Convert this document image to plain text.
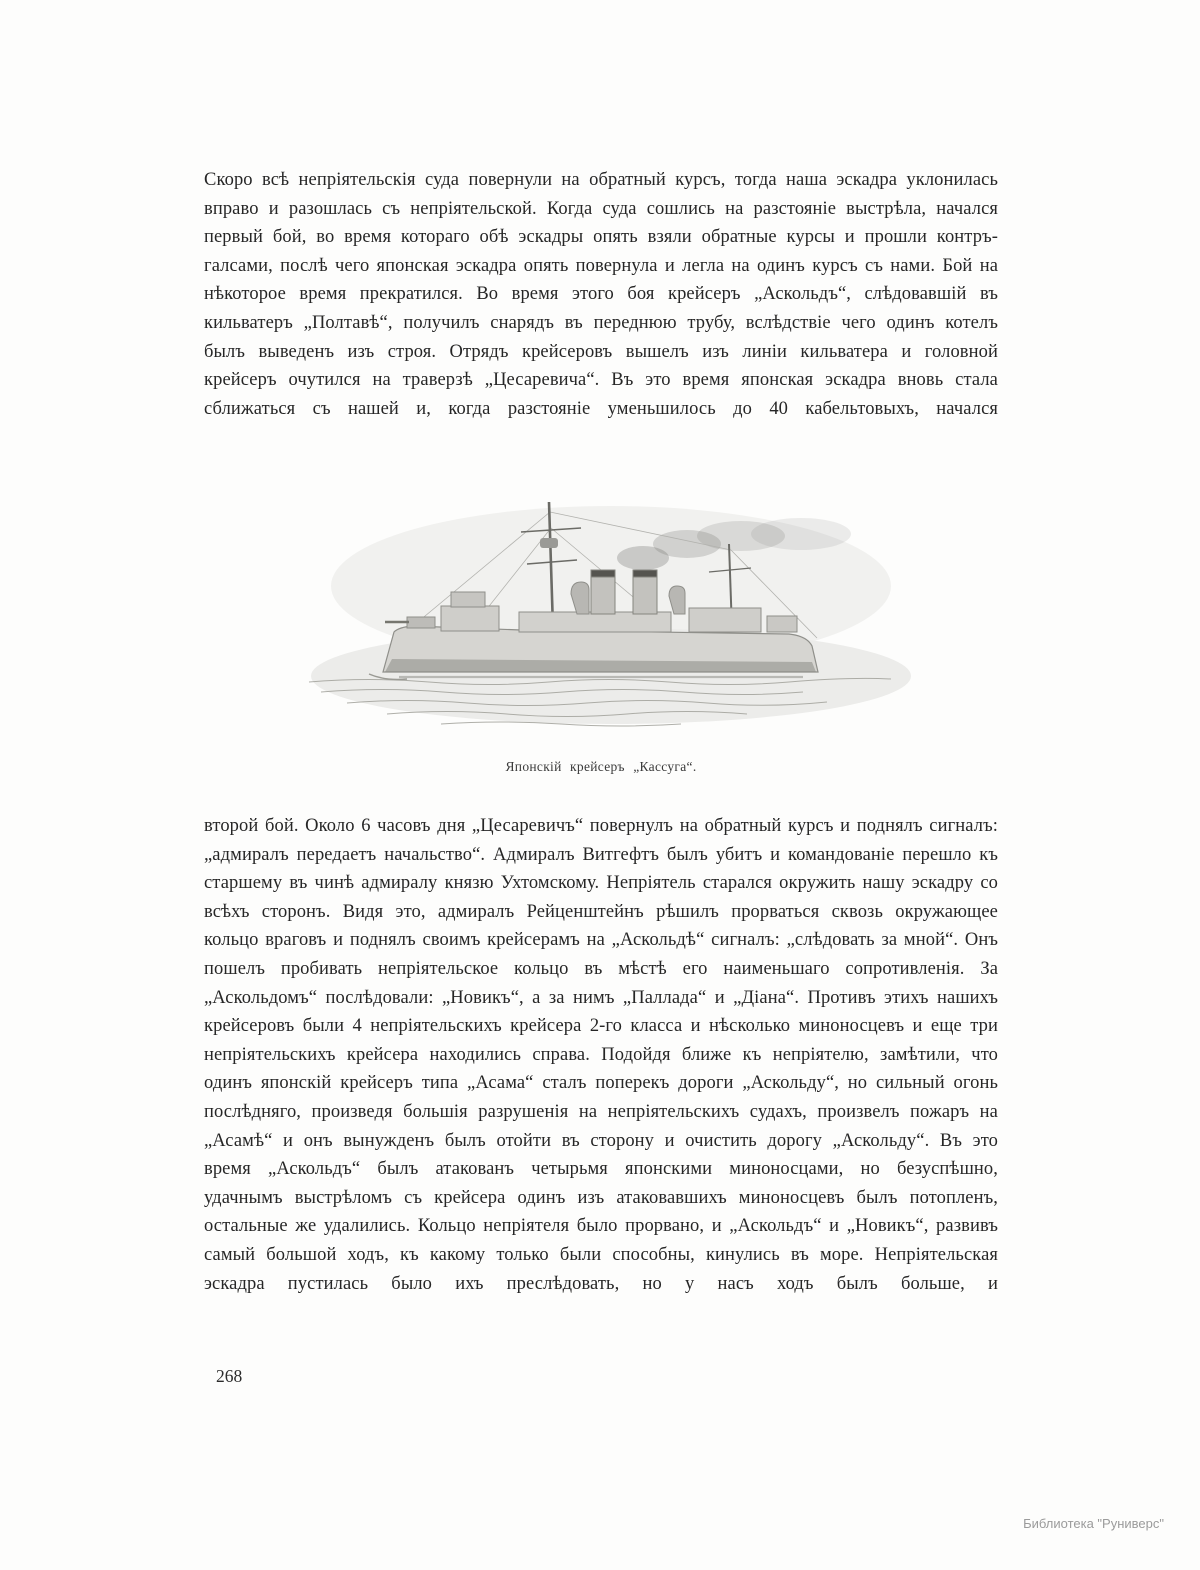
Скоро всѣ непріятельскія суда повернули на обратный курсъ, тогда наша эскадра уклонилась вправо и разошлась съ непріятельской. Когда суда сошлись на разстояніе выстрѣла, начался первый бой, во время котораго обѣ эскадры опять взяли обратные курсы и прошли контръ-галсами, послѣ чего японская эскадра опять повернула и легла на одинъ курсъ съ нами. Бой на нѣкоторое время прекратился. Во время этого боя крейсеръ „Аскольдъ“, слѣдовавшій въ кильватеръ „Полтавѣ“, получилъ снарядъ въ переднюю трубу, вслѣдствіе чего одинъ котелъ былъ выведенъ изъ строя. Отрядъ крейсеровъ вышелъ изъ линіи кильватера и головной крейсеръ очутился на траверзѣ „Цесаревича“. Въ это время японская эскадра вновь стала сближаться съ нашей и, когда разстояніе уменьшилось до 40 кабельтовыхъ, начался

Японскій крейсеръ „Кассуга“.

второй бой. Около 6 часовъ дня „Цесаревичъ“ повернулъ на обратный курсъ и поднялъ сигналъ: „адмиралъ передаетъ начальство“. Адмиралъ Витгефтъ былъ убитъ и командованіе перешло къ старшему въ чинѣ адмиралу князю Ухтомскому. Непріятель старался окружить нашу эскадру со всѣхъ сторонъ. Видя это, адмиралъ Рейценштейнъ рѣшилъ прорваться сквозь окружающее кольцо враговъ и поднялъ своимъ крейсерамъ на „Аскольдѣ“ сигналъ: „слѣдовать за мной“. Онъ пошелъ пробивать непріятельское кольцо въ мѣстѣ его наименьшаго сопротивленія. За „Аскольдомъ“ послѣдовали: „Новикъ“, а за нимъ „Паллада“ и „Діана“. Противъ этихъ нашихъ крейсеровъ были 4 непріятельскихъ крейсера 2-го класса и нѣсколько миноносцевъ и еще три непріятельскихъ крейсера находились справа. Подойдя ближе къ непріятелю, замѣтили, что одинъ японскій крейсеръ типа „Асама“ сталъ поперекъ дороги „Аскольду“, но сильный огонь послѣдняго, произведя большія разрушенія на непріятельскихъ судахъ, произвелъ пожаръ на „Асамѣ“ и онъ вынужденъ былъ отойти въ сторону и очистить дорогу „Аскольду“. Въ это время „Аскольдъ“ былъ атакованъ четырьмя японскими миноносцами, но безуспѣшно, удачнымъ выстрѣломъ съ крейсера одинъ изъ атаковавшихъ миноносцевъ былъ потопленъ, остальные же удалились. Кольцо непріятеля было прорвано, и „Аскольдъ“ и „Новикъ“, развивъ самый большой ходъ, къ какому только были способны, кинулись въ море. Непріятельская эскадра пустилась было ихъ преслѣдовать, но у насъ ходъ былъ больше, и

268
Библиотека "Руниверс"
